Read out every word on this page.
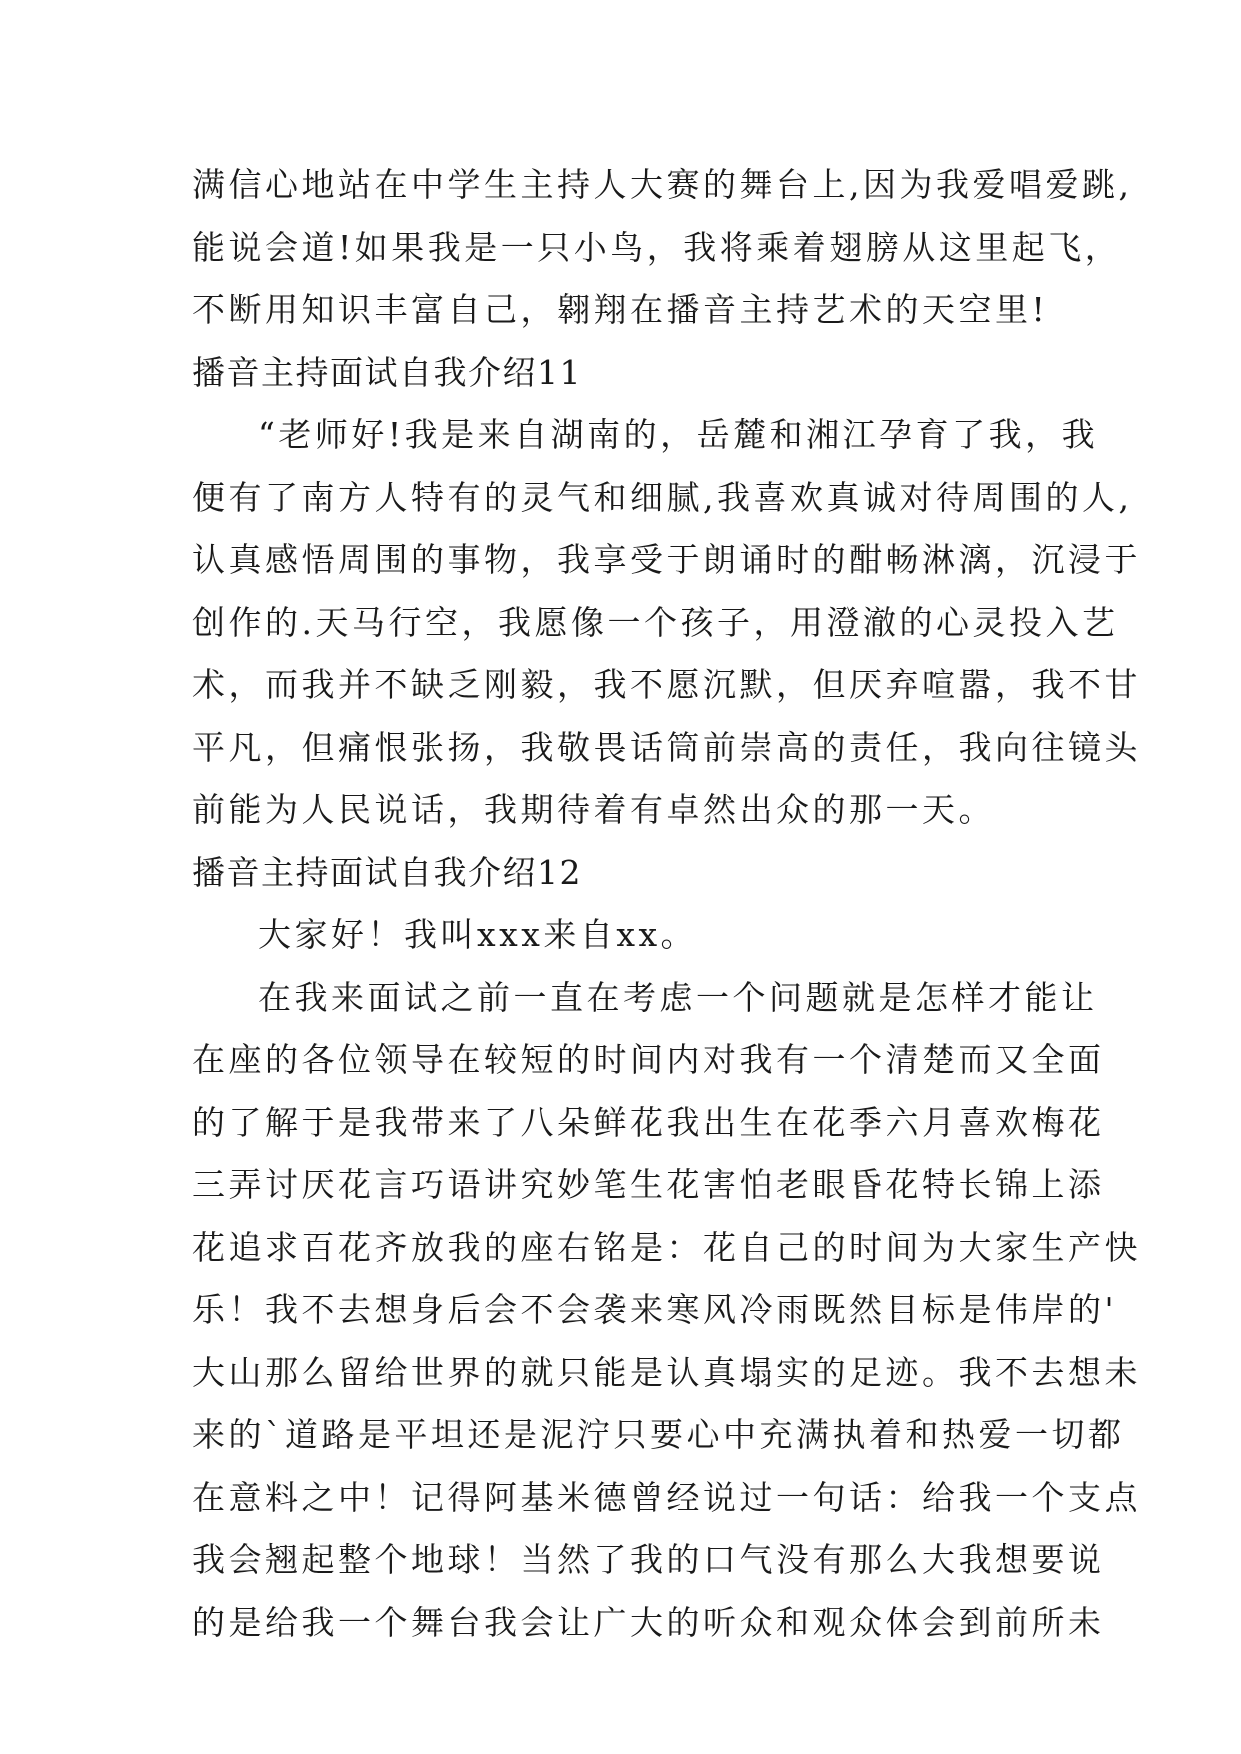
满信心地站在中学生主持人大赛的舞台上,因为我爱唱爱跳,
能说会道!如果我是一只小鸟，我将乘着翅膀从这里起飞，
不断用知识丰富自己，翱翔在播音主持艺术的天空里!
播音主持面试自我介绍11
“老师好!我是来自湖南的，岳麓和湘江孕育了我，我
便有了南方人特有的灵气和细腻,我喜欢真诚对待周围的人,
认真感悟周围的事物，我享受于朗诵时的酣畅淋漓，沉浸于
创作的.天马行空，我愿像一个孩子，用澄澈的心灵投入艺
术，而我并不缺乏刚毅，我不愿沉默，但厌弃喧嚣，我不甘
平凡，但痛恨张扬，我敬畏话筒前崇高的责任，我向往镜头
前能为人民说话，我期待着有卓然出众的那一天。
播音主持面试自我介绍12
大家好！我叫xxx来自xx。
在我来面试之前一直在考虑一个问题就是怎样才能让
在座的各位领导在较短的时间内对我有一个清楚而又全面
的了解于是我带来了八朵鲜花我出生在花季六月喜欢梅花
三弄讨厌花言巧语讲究妙笔生花害怕老眼昏花特长锦上添
花追求百花齐放我的座右铭是：花自己的时间为大家生产快
乐！我不去想身后会不会袭来寒风冷雨既然目标是伟岸的'
大山那么留给世界的就只能是认真塌实的足迹。我不去想未
来的`道路是平坦还是泥泞只要心中充满执着和热爱一切都
在意料之中！记得阿基米德曾经说过一句话：给我一个支点
我会翘起整个地球！当然了我的口气没有那么大我想要说
的是给我一个舞台我会让广大的听众和观众体会到前所未
